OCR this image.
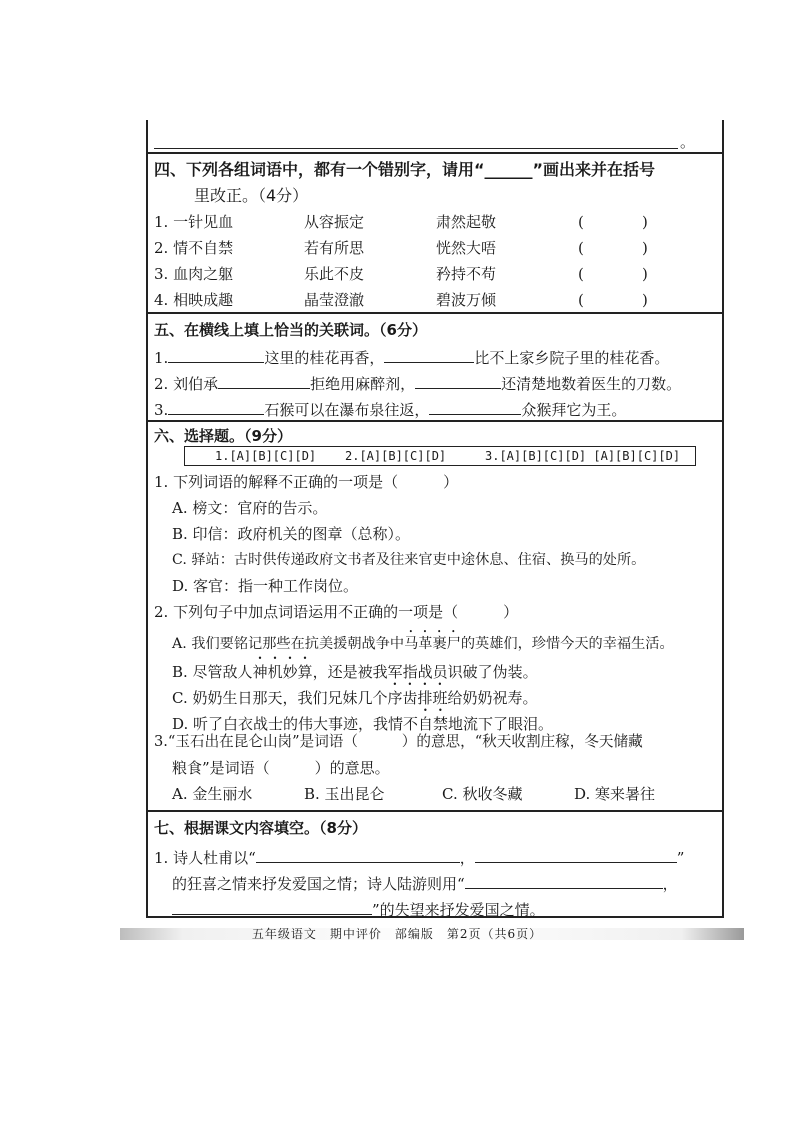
。
四、下列各组词语中，都有一个错别字，请用“______”画出来并在括号
里改正。（4分）
1. 一针见血	从容振定	肃然起敬	(	)
2. 情不自禁	若有所思	恍然大唔	(	)
3. 血肉之躯	乐此不皮	矜持不苟	(	)
4. 相映成趣	晶莹澄澈	碧波万倾	(	)
五、在横线上填上恰当的关联词。（6分）
1.	这里的桂花再香，	比不上家乡院子里的桂花香。
2. 刘伯承	拒绝用麻醉剂，	还清楚地数着医生的刀数。
3.	石猴可以在瀑布泉往返，	众猴拜它为王。
六、选择题。（9分）
1.[A][B][C][D] 2.[A][B][C][D]	3.[A][B][C][D] [A][B][C][D]
1. 下列词语的解释不正确的一项是（　　　）
A. 榜文：官府的告示。
B. 印信：政府机关的图章（总称）。
C. 驿站：古时供传递政府文书者及往来官吏中途休息、住宿、换马的处所。
D. 客官：指一种工作岗位。
2. 下列句子中加点词语运用不正确的一项是（　　　）
A. 我们要铭记那些在抗美援朝战争中马革裹尸的英雄们，珍惜今天的幸福生活。
B. 尽管敌人神机妙算，还是被我军指战员识破了伪装。
C. 奶奶生日那天，我们兄妹几个序齿排班给奶奶祝寿。
D. 听了白衣战士的伟大事迹，我情不自禁地流下了眼泪。
3.“玉石出在昆仑山岗”是词语（　　　）的意思，“秋天收割庄稼，冬天储藏
粮食”是词语（　　　）的意思。
A. 金生丽水	B. 玉出昆仑	C. 秋收冬藏	D. 寒来暑往
七、根据课文内容填空。（8分）
1. 诗人杜甫以“	，	”
的狂喜之情来抒发爱国之情；诗人陆游则用“	，
”的失望来抒发爱国之情。
五年级语文　期中评价　部编版　第2页（共6页）
